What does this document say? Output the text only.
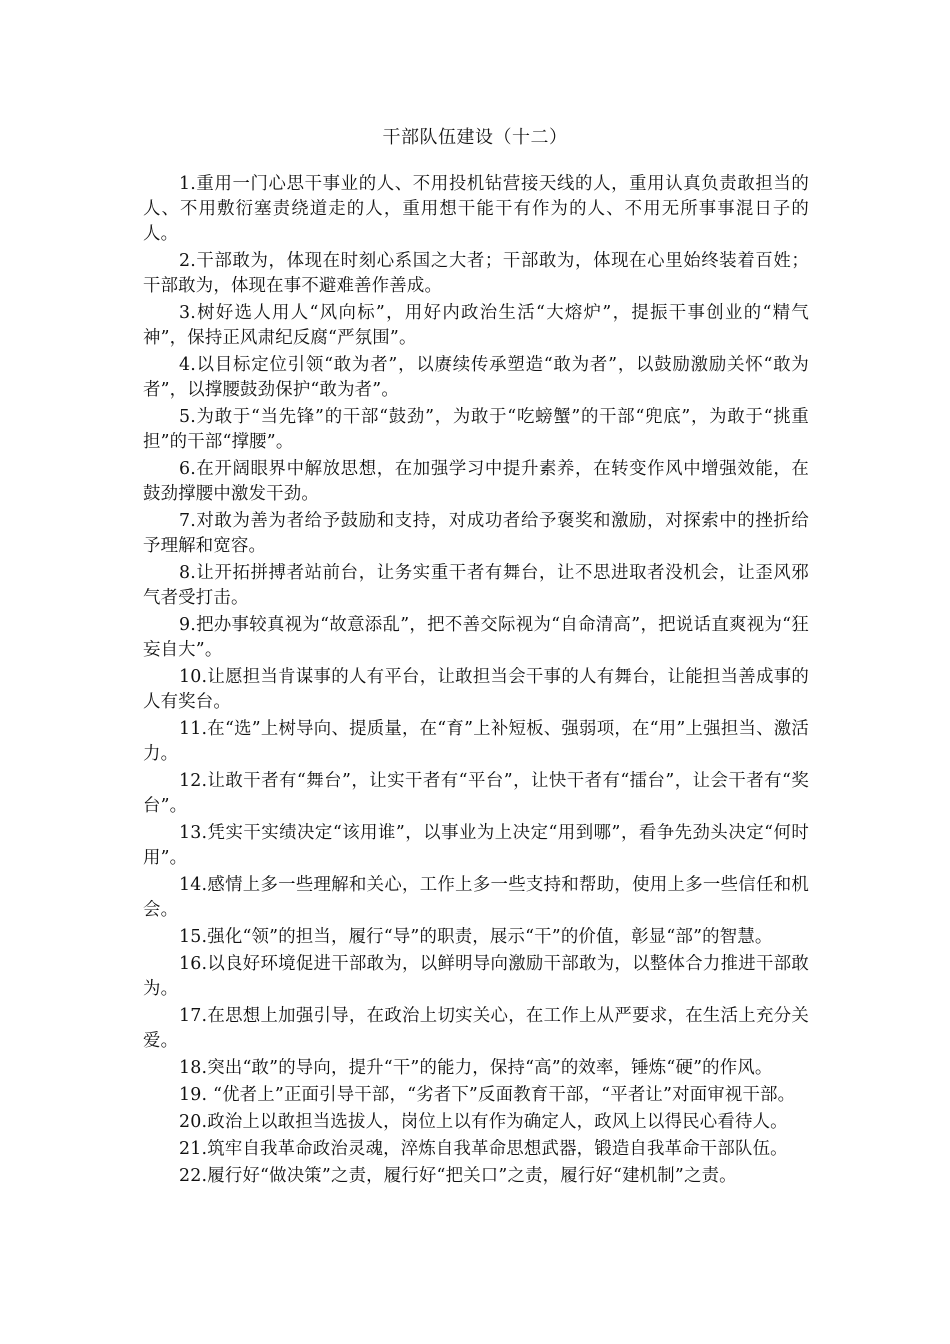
干部队伍建设（十二）

1.重用一门心思干事业的人、不用投机钻营接天线的人，重用认真负责敢担当的人、不用敷衍塞责绕道走的人，重用想干能干有作为的人、不用无所事事混日子的人。

2.干部敢为，体现在时刻心系国之大者；干部敢为，体现在心里始终装着百姓；干部敢为，体现在事不避难善作善成。

3.树好选人用人“风向标”，用好内政治生活“大熔炉”，提振干事创业的“精气神”，保持正风肃纪反腐“严氛围”。

4.以目标定位引领“敢为者”，以赓续传承塑造“敢为者”，以鼓励激励关怀“敢为者”，以撑腰鼓劲保护“敢为者”。

5.为敢于“当先锋”的干部“鼓劲”，为敢于“吃螃蟹”的干部“兜底”，为敢于“挑重担”的干部“撑腰”。

6.在开阔眼界中解放思想，在加强学习中提升素养，在转变作风中增强效能，在鼓劲撑腰中激发干劲。

7.对敢为善为者给予鼓励和支持，对成功者给予褒奖和激励，对探索中的挫折给予理解和宽容。

8.让开拓拼搏者站前台，让务实重干者有舞台，让不思进取者没机会，让歪风邪气者受打击。

9.把办事较真视为“故意添乱”，把不善交际视为“自命清高”，把说话直爽视为“狂妄自大”。

10.让愿担当肯谋事的人有平台，让敢担当会干事的人有舞台，让能担当善成事的人有奖台。

11.在“选”上树导向、提质量，在“育”上补短板、强弱项，在“用”上强担当、激活力。

12.让敢干者有“舞台”，让实干者有“平台”，让快干者有“擂台”，让会干者有“奖台”。

13.凭实干实绩决定“该用谁”，以事业为上决定“用到哪”，看争先劲头决定“何时用”。

14.感情上多一些理解和关心，工作上多一些支持和帮助，使用上多一些信任和机会。

15.强化“领”的担当，履行“导”的职责，展示“干”的价值，彰显“部”的智慧。

16.以良好环境促进干部敢为，以鲜明导向激励干部敢为，以整体合力推进干部敢为。

17.在思想上加强引导，在政治上切实关心，在工作上从严要求，在生活上充分关爱。

18.突出“敢”的导向，提升“干”的能力，保持“高”的效率，锤炼“硬”的作风。

19. “优者上”正面引导干部，“劣者下”反面教育干部，“平者让”对面审视干部。

20.政治上以敢担当选拔人，岗位上以有作为确定人，政风上以得民心看待人。

21.筑牢自我革命政治灵魂，淬炼自我革命思想武器，锻造自我革命干部队伍。

22.履行好“做决策”之责，履行好“把关口”之责，履行好“建机制”之责。
